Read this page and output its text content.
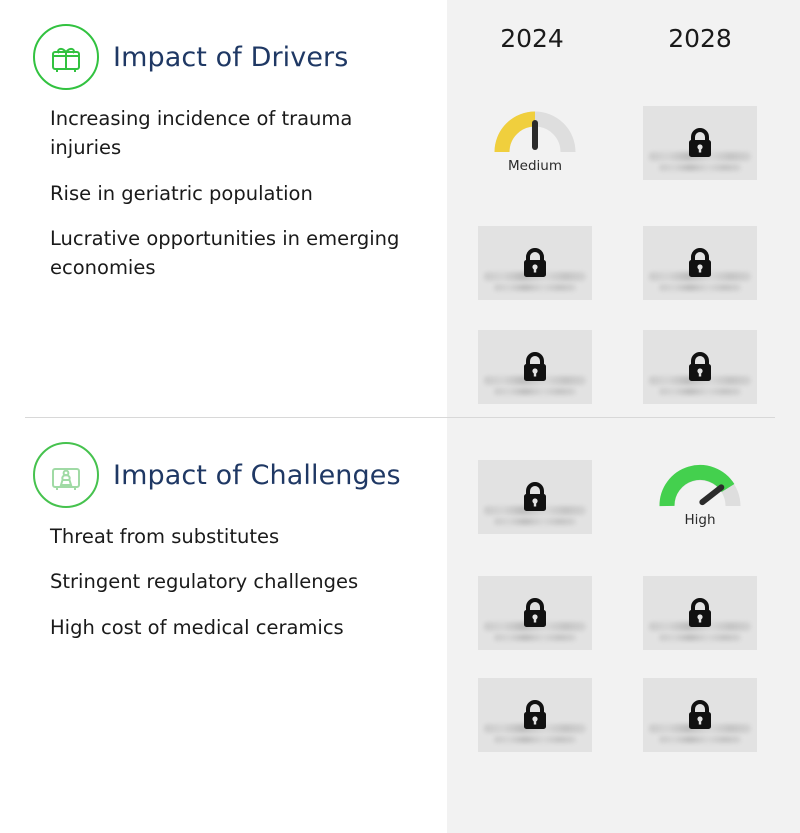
2024	2028
Impact of Drivers
Increasing incidence of trauma injuries
Rise in geriatric population
Lucrative opportunities in emerging economies
Medium
Impact of Challenges
Threat from substitutes
Stringent regulatory challenges
High cost of medical ceramics
High
